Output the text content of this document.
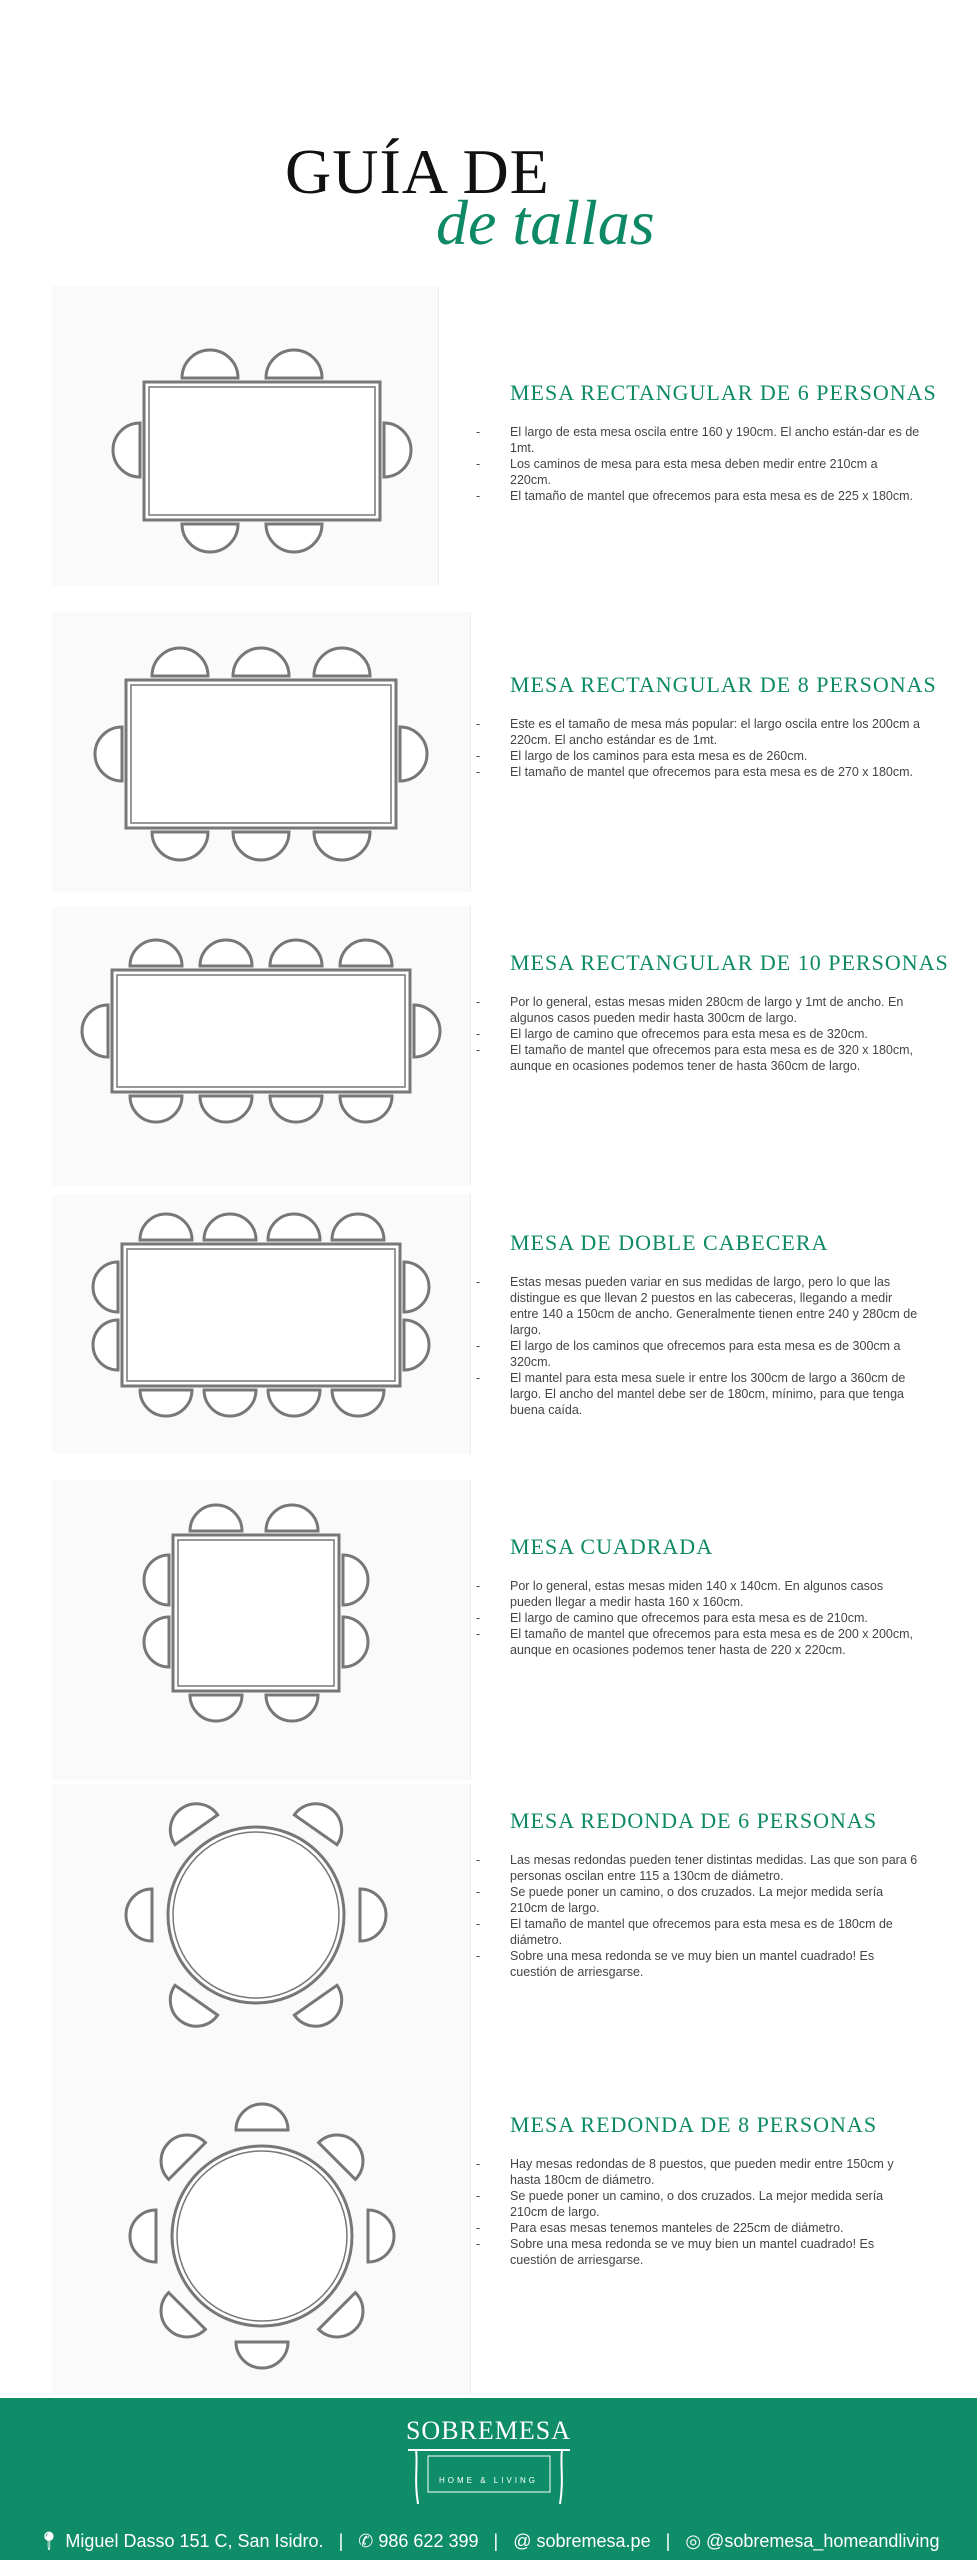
GUÍA DE
de tallas
MESA RECTANGULAR DE 6 PERSONAS
- El largo de esta mesa oscila entre 160 y 190cm. El ancho están-dar es de 1mt.
- Los caminos de mesa para esta mesa deben medir entre 210cm a 220cm.
- El tamaño de mantel que ofrecemos para esta mesa es de 225 x 180cm.
MESA RECTANGULAR DE 8 PERSONAS
- Este es el tamaño de mesa más popular: el largo oscila entre los 200cm a 220cm. El ancho estándar es de 1mt.
- El largo de los caminos para esta mesa es de 260cm.
- El tamaño de mantel que ofrecemos para esta mesa es de 270 x 180cm.
MESA RECTANGULAR DE 10 PERSONAS
- Por lo general, estas mesas miden 280cm de largo y 1mt de ancho. En algunos casos pueden medir hasta 300cm de largo.
- El largo de camino que ofrecemos para esta mesa es de 320cm.
- El tamaño de mantel que ofrecemos para esta mesa es de 320 x 180cm, aunque en ocasiones podemos tener de hasta 360cm de largo.
MESA DE DOBLE CABECERA
- Estas mesas pueden variar en sus medidas de largo, pero lo que las distingue es que llevan 2 puestos en las cabeceras, llegando a medir entre 140 a 150cm de ancho. Generalmente tienen entre 240 y 280cm de largo.
- El largo de los caminos que ofrecemos para esta mesa es de 300cm a 320cm.
- El mantel para esta mesa suele ir entre los 300cm de largo a 360cm de largo. El ancho del mantel debe ser de 180cm, mínimo, para que tenga buena caída.
MESA CUADRADA
- Por lo general, estas mesas miden 140 x 140cm. En algunos casos pueden llegar a medir hasta 160 x 160cm.
- El largo de camino que ofrecemos para esta mesa es de 210cm.
- El tamaño de mantel que ofrecemos para esta mesa es de 200 x 200cm, aunque en ocasiones podemos tener hasta de 220 x 220cm.
MESA REDONDA DE 6 PERSONAS
- Las mesas redondas pueden tener distintas medidas. Las que son para 6 personas oscilan entre 115 a 130cm de diámetro.
- Se puede poner un camino, o dos cruzados. La mejor medida sería 210cm de largo.
- El tamaño de mantel que ofrecemos para esta mesa es de 180cm de diámetro.
- Sobre una mesa redonda se ve muy bien un mantel cuadrado! Es cuestión de arriesgarse.
MESA REDONDA DE 8 PERSONAS
- Hay mesas redondas de 8 puestos, que pueden medir entre 150cm y hasta 180cm de diámetro.
- Se puede poner un camino, o dos cruzados. La mejor medida sería 210cm de largo.
- Para esas mesas tenemos manteles de 225cm de diámetro.
- Sobre una mesa redonda se ve muy bien un mantel cuadrado! Es cuestión de arriesgarse.
SOBREMESA
HOME & LIVING
📍︎ Miguel Dasso 151 C, San Isidro. | ✆ 986 622 399 | @ sobremesa.pe | ◎ @sobremesa_homeandliving
